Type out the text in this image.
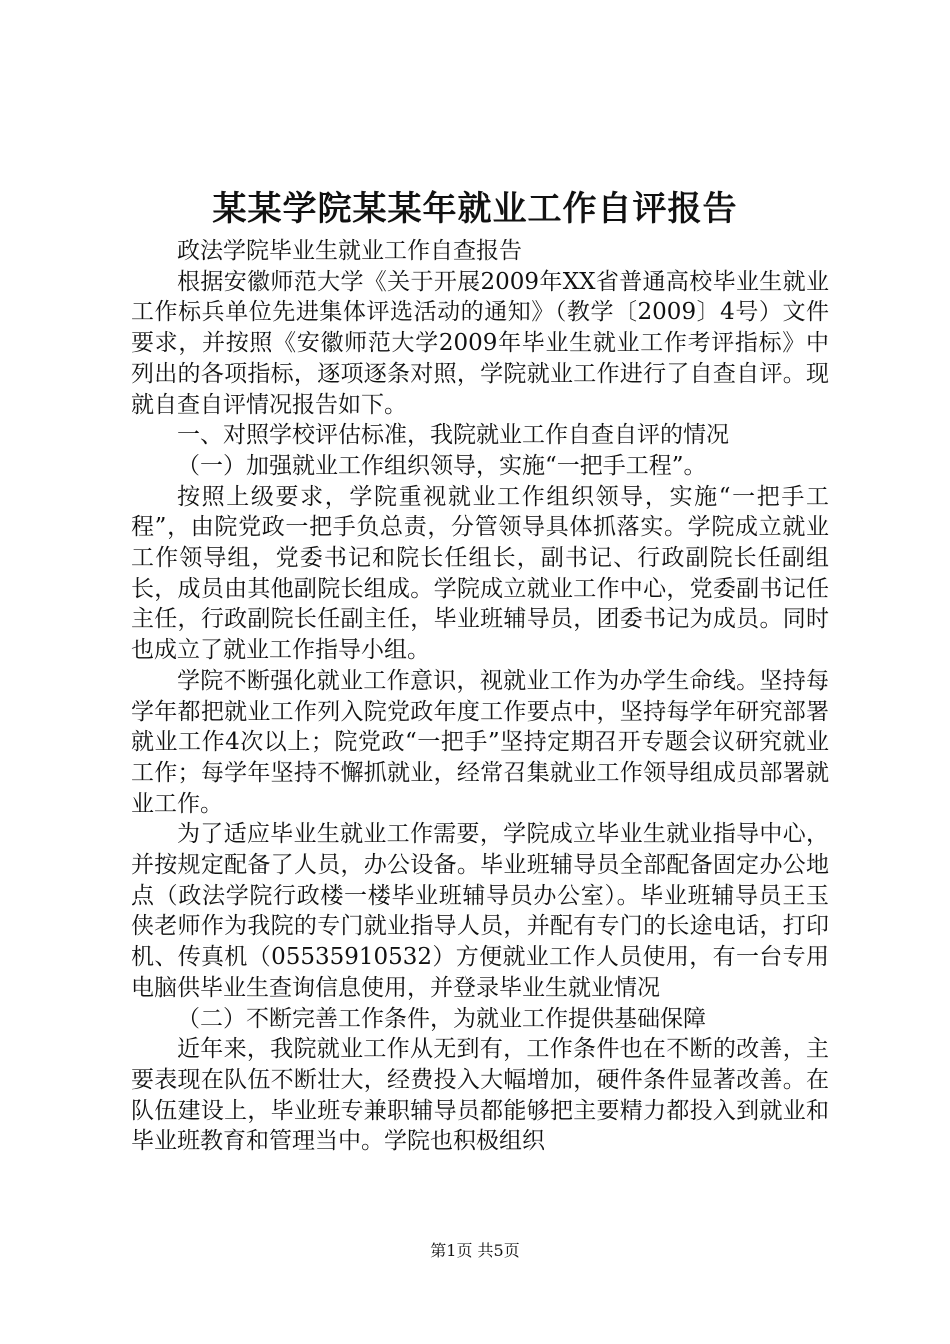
某某学院某某年就业工作自评报告

政法学院毕业生就业工作自查报告

根据安徽师范大学《关于开展2009年XX省普通高校毕业生就业工作标兵单位先进集体评选活动的通知》（教学〔2009〕4号）文件要求，并按照《安徽师范大学2009年毕业生就业工作考评指标》中列出的各项指标，逐项逐条对照，学院就业工作进行了自查自评。现就自查自评情况报告如下。

一、对照学校评估标准，我院就业工作自查自评的情况

（一）加强就业工作组织领导，实施“一把手工程”。

按照上级要求，学院重视就业工作组织领导，实施“一把手工程”，由院党政一把手负总责，分管领导具体抓落实。学院成立就业工作领导组，党委书记和院长任组长，副书记、行政副院长任副组长，成员由其他副院长组成。学院成立就业工作中心，党委副书记任主任，行政副院长任副主任，毕业班辅导员，团委书记为成员。同时也成立了就业工作指导小组。

学院不断强化就业工作意识，视就业工作为办学生命线。坚持每学年都把就业工作列入院党政年度工作要点中，坚持每学年研究部署就业工作4次以上；院党政“一把手”坚持定期召开专题会议研究就业工作；每学年坚持不懈抓就业，经常召集就业工作领导组成员部署就业工作。

为了适应毕业生就业工作需要，学院成立毕业生就业指导中心，并按规定配备了人员，办公设备。毕业班辅导员全部配备固定办公地点（政法学院行政楼一楼毕业班辅导员办公室）。毕业班辅导员王玉侠老师作为我院的专门就业指导人员，并配有专门的长途电话，打印机、传真机（05535910532）方便就业工作人员使用，有一台专用电脑供毕业生查询信息使用，并登录毕业生就业情况

（二）不断完善工作条件，为就业工作提供基础保障

近年来，我院就业工作从无到有，工作条件也在不断的改善，主要表现在队伍不断壮大，经费投入大幅增加，硬件条件显著改善。在队伍建设上，毕业班专兼职辅导员都能够把主要精力都投入到就业和毕业班教育和管理当中。学院也积极组织

第1页 共5页
